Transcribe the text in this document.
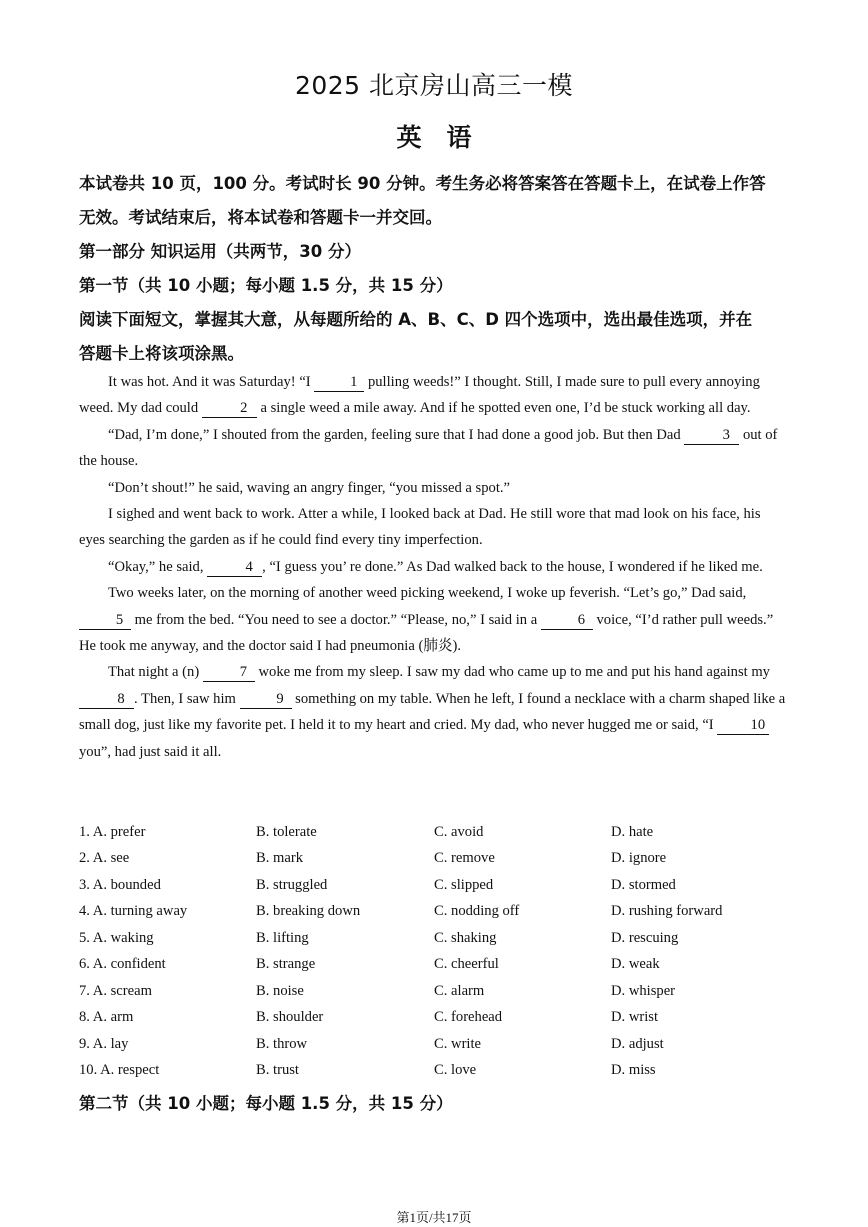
2025 北京房山高三一模
英　语
本试卷共 10 页，100 分。考试时长 90 分钟。考生务必将答案答在答题卡上，在试卷上作答
无效。考试结束后，将本试卷和答题卡一并交回。
第一部分 知识运用（共两节，30 分）
第一节（共 10 小题；每小题 1.5 分，共 15 分）
阅读下面短文，掌握其大意，从每题所给的 A、B、C、D 四个选项中，选出最佳选项，并在
答题卡上将该项涂黑。

It was hot. And it was Saturday! “I 1 pulling weeds!” I thought. Still, I made sure to pull every annoying weed. My dad could	2 a single weed a mile away. And if he spotted even one, I’d be stuck working all day.

“Dad, I’m done,” I shouted from the garden, feeling sure that I had done a good job. But then Dad	3 out of the house.

“Don’t shout!” he said, waving an angry finger, “you missed a spot.”

I sighed and went back to work. Atter a while, I looked back at Dad. He still wore that mad look on his face, his eyes searching the garden as if he could find every tiny imperfection.

“Okay,” he said,	4 , “I guess you’ re done.” As Dad walked back to the house, I wondered if he liked me.

Two weeks later, on the morning of another weed picking weekend, I woke up feverish. “Let’s go,” Dad said, 5 me from the bed. “You need to see a doctor.” “Please, no,” I said in a	6 voice, “I’d rather pull weeds.” He took me anyway, and the doctor said I had pneumonia (肺炎).

That night a (n)	7 woke me from my sleep. I saw my dad who came up to me and put his hand against my 8 . Then, I saw him	9 something on my table. When he left, I found a necklace with a charm shaped like a small dog, just like my favorite pet. I held it to my heart and cried. My dad, who never hugged me or said, “I 10 you”, had just said it all.

1. A. prefer	B. tolerate	C. avoid	D. hate
2. A. see	B. mark	C. remove	D. ignore
3. A. bounded	B. struggled	C. slipped	D. stormed
4. A. turning away	B. breaking down	C. nodding off	D. rushing forward
5. A. waking	B. lifting	C. shaking	D. rescuing
6. A. confident	B. strange	C. cheerful	D. weak
7. A. scream	B. noise	C. alarm	D. whisper
8. A. arm	B. shoulder	C. forehead	D. wrist
9. A. lay	B. throw	C. write	D. adjust
10. A. respect	B. trust	C. love	D. miss
第二节（共 10 小题；每小题 1.5 分，共 15 分）
第1页/共17页
